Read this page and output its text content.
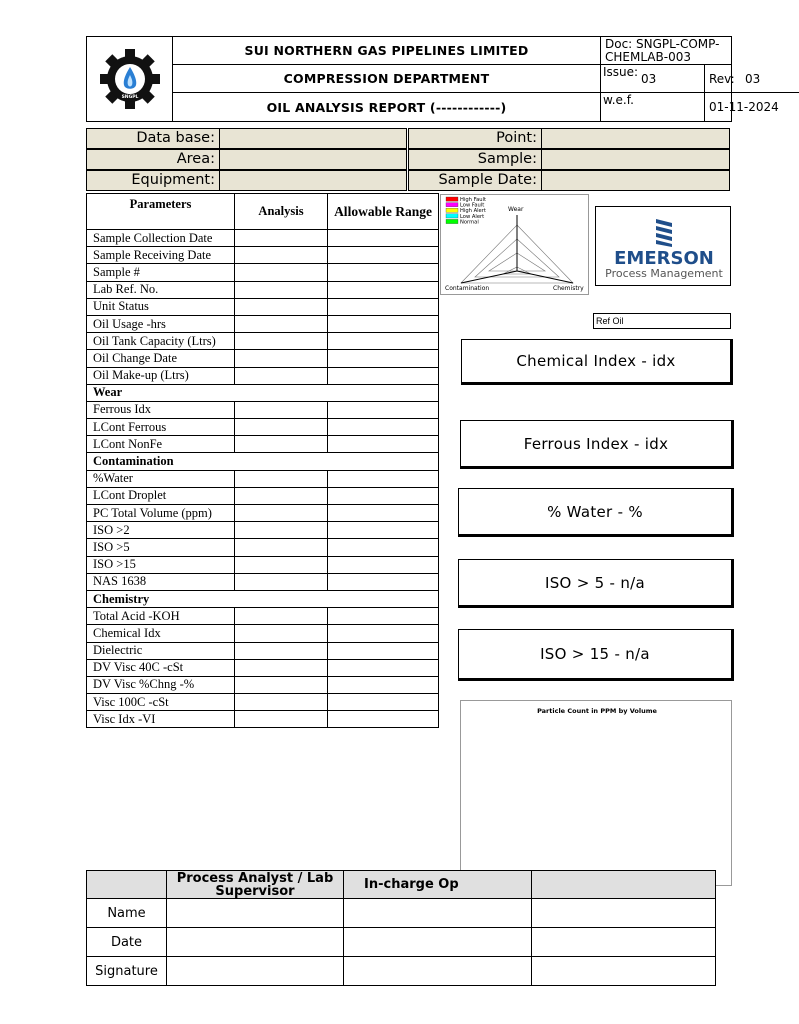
SNGPL
SUI NORTHERN GAS PIPELINES LIMITED
COMPRESSION DEPARTMENT
OIL ANALYSIS REPORT (------------)
Doc: SNGPL-COMP-CHEMLAB-003
Issue: 03	Rev: 03
w.e.f.	01-11-2024
Data base:	Point:
Area:	Sample:
Equipment:	Sample Date:
Parameters	Analysis	Allowable Range
Sample Collection Date		
Sample Receiving Date		
Sample #		
Lab Ref. No.		
Unit Status		
Oil Usage -hrs		
Oil Tank Capacity (Ltrs)		
Oil Change Date		
Oil Make-up (Ltrs)		
Wear		
Ferrous Idx		
LCont Ferrous		
LCont NonFe		
Contamination		
%Water		
LCont Droplet		
PC Total Volume (ppm)		
ISO >2		
ISO >5		
ISO >15		
NAS 1638		
Chemistry		
Total Acid -KOH		
Chemical Idx		
Dielectric		
DV Visc 40C -cSt		
DV Visc %Chng -%		
Visc 100C -cSt		
Visc Idx -VI		
High Fault
Low Fault
High Alert
Low Alert
Normal
Wear
Chemistry
Contamination
EMERSON
Process Management
Ref Oil
Chemical Index - idx
Ferrous Index - idx
% Water - %
ISO > 5 - n/a
ISO > 15 - n/a
Particle Count in PPM by Volume
	Process Analyst / Lab Supervisor	In-charge Op	
Name			
Date			
Signature			
